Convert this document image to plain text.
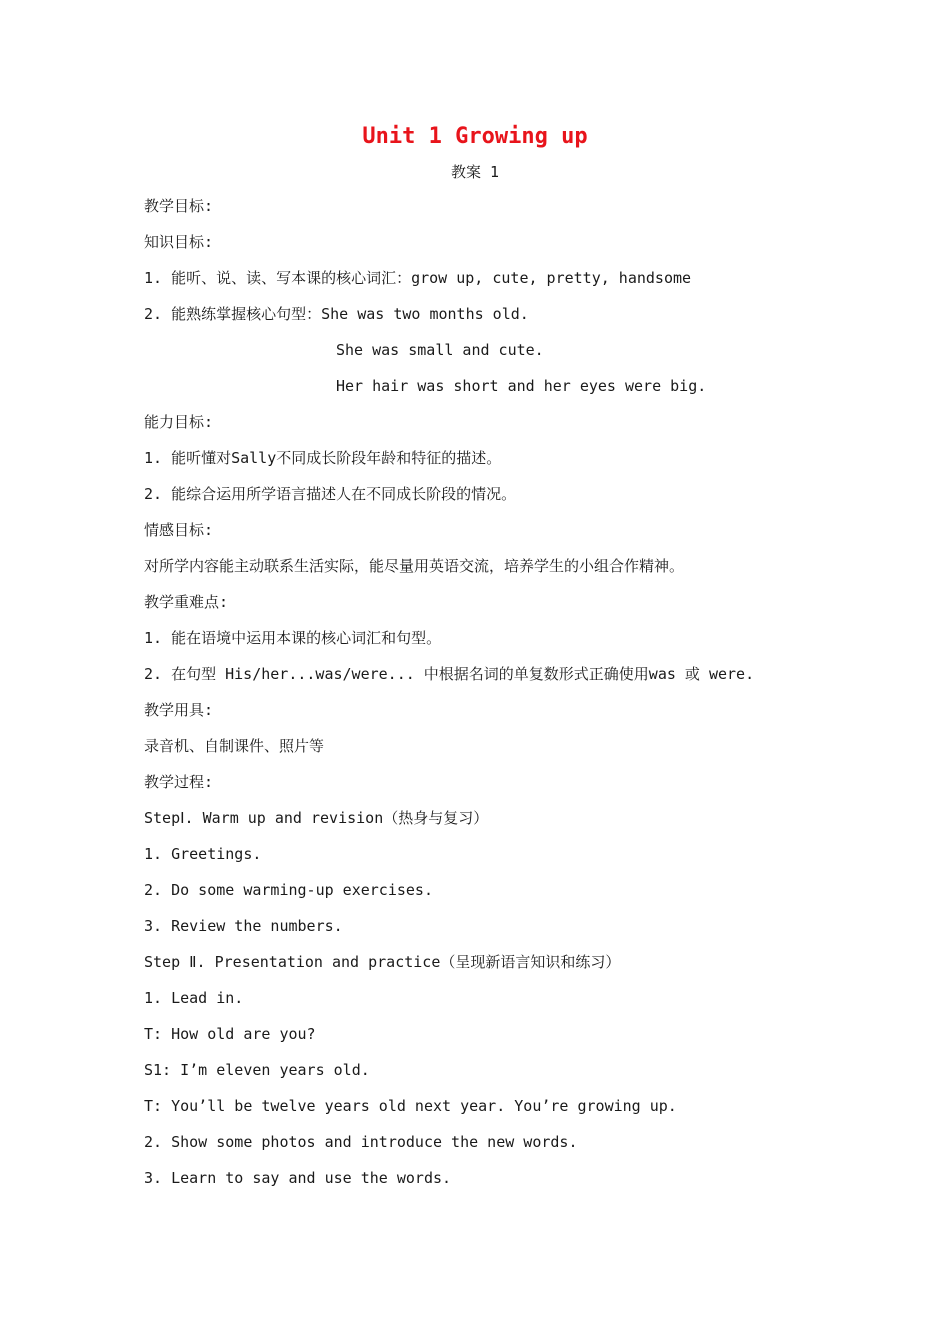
Unit 1 Growing up
教案 1
教学目标:
知识目标:
1. 能听、说、读、写本课的核心词汇：grow up, cute, pretty, handsome
2. 能熟练掌握核心句型：She was two months old.
She was small and cute.
Her hair was short and her eyes were big.
能力目标:
1. 能听懂对Sally不同成长阶段年龄和特征的描述。
2. 能综合运用所学语言描述人在不同成长阶段的情况。
情感目标:
对所学内容能主动联系生活实际，能尽量用英语交流，培养学生的小组合作精神。
教学重难点:
1. 能在语境中运用本课的核心词汇和句型。
2. 在句型 His/her...was/were... 中根据名词的单复数形式正确使用was 或 were.
教学用具:
录音机、自制课件、照片等
教学过程:
StepⅠ. Warm up and revision（热身与复习）
1. Greetings.
2. Do some warming-up exercises.
3. Review the numbers.
Step Ⅱ. Presentation and practice（呈现新语言知识和练习）
1. Lead in.
T: How old are you?
S1: I’m eleven years old.
T: You’ll be twelve years old next year. You’re growing up.
2. Show some photos and introduce the new words.
3. Learn to say and use the words.
